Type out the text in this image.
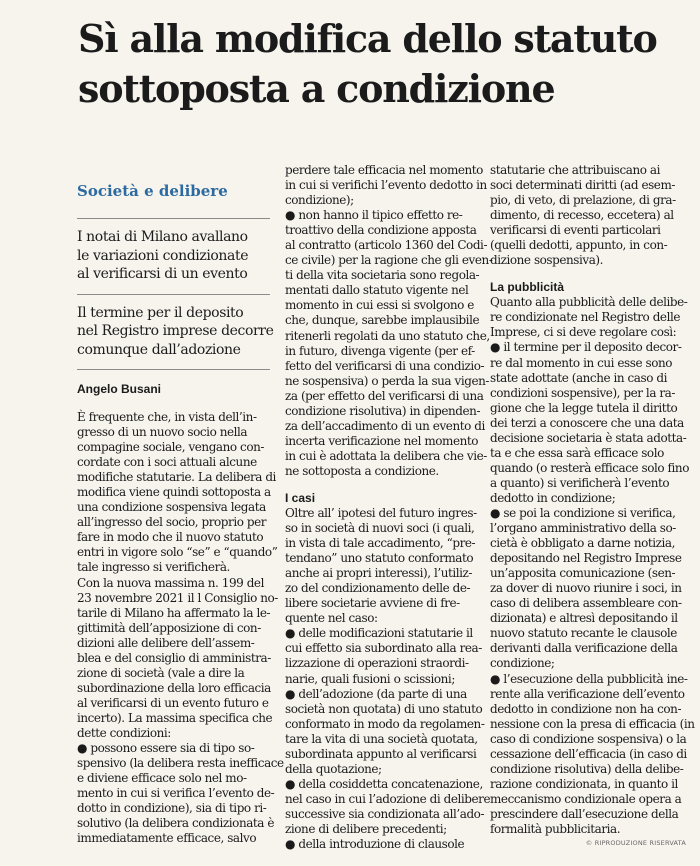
Sì alla modifica dello statuto
sottoposta a condizione
Società e delibere
I notai di Milano avallano
le variazioni condizionate
al verificarsi di un evento
Il termine per il deposito
nel Registro imprese decorre
comunque dall’adozione
Angelo Busani
È frequente che, in vista dell’in-
gresso di un nuovo socio nella
compagine sociale, vengano con-
cordate con i soci attuali alcune
modifiche statutarie. La delibera di
modifica viene quindi sottoposta a
una condizione sospensiva legata
all’ingresso del socio, proprio per
fare in modo che il nuovo statuto
entri in vigore solo “se” e “quando”
tale ingresso si verificherà.
Con la nuova massima n. 199 del
23 novembre 2021 il l Consiglio no-
tarile di Milano ha affermato la le-
gittimità dell’apposizione di con-
dizioni alle delibere dell’assem-
blea e del consiglio di amministra-
zione di società (vale a dire la
subordinazione della loro efficacia
al verificarsi di un evento futuro e
incerto). La massima specifica che
dette condizioni:
● possono essere sia di tipo so-
spensivo (la delibera resta inefficace
e diviene efficace solo nel mo-
mento in cui si verifica l’evento de-
dotto in condizione), sia di tipo ri-
solutivo (la delibera condizionata è
immediatamente efficace, salvo
perdere tale efficacia nel momento
in cui si verifichi l’evento dedotto in
condizione);
● non hanno il tipico effetto re-
troattivo della condizione apposta
al contratto (articolo 1360 del Codi-
ce civile) per la ragione che gli even-
ti della vita societaria sono regola-
mentati dallo statuto vigente nel
momento in cui essi si svolgono e
che, dunque, sarebbe implausibile
ritenerli regolati da uno statuto che,
in futuro, divenga vigente (per ef-
fetto del verificarsi di una condizio-
ne sospensiva) o perda la sua vigen-
za (per effetto del verificarsi di una
condizione risolutiva) in dipenden-
za dell’accadimento di un evento di
incerta verificazione nel momento
in cui è adottata la delibera che vie-
ne sottoposta a condizione.
I casi
Oltre all’ ipotesi del futuro ingres-
so in società di nuovi soci (i quali,
in vista di tale accadimento, “pre-
tendano” uno statuto conformato
anche ai propri interessi), l’utiliz-
zo del condizionamento delle de-
libere societarie avviene di fre-
quente nel caso:
● delle modificazioni statutarie il
cui effetto sia subordinato alla rea-
lizzazione di operazioni straordi-
narie, quali fusioni o scissioni;
● dell’adozione (da parte di una
società non quotata) di uno statuto
conformato in modo da regolamen-
tare la vita di una società quotata,
subordinata appunto al verificarsi
della quotazione;
● della cosiddetta concatenazione,
nel caso in cui l’adozione di delibere
successive sia condizionata all’ado-
zione di delibere precedenti;
● della introduzione di clausole
statutarie che attribuiscano ai
soci determinati diritti (ad esem-
pio, di veto, di prelazione, di gra-
dimento, di recesso, eccetera) al
verificarsi di eventi particolari
(quelli dedotti, appunto, in con-
dizione sospensiva).
La pubblicità
Quanto alla pubblicità delle delibe-
re condizionate nel Registro delle
Imprese, ci si deve regolare così:
● il termine per il deposito decor-
re dal momento in cui esse sono
state adottate (anche in caso di
condizioni sospensive), per la ra-
gione che la legge tutela il diritto
dei terzi a conoscere che una data
decisione societaria è stata adotta-
ta e che essa sarà efficace solo
quando (o resterà efficace solo fino
a quanto) si verificherà l’evento
dedotto in condizione;
● se poi la condizione si verifica,
l’organo amministrativo della so-
cietà è obbligato a darne notizia,
depositando nel Registro Imprese
un’apposita comunicazione (sen-
za dover di nuovo riunire i soci, in
caso di delibera assembleare con-
dizionata) e altresì depositando il
nuovo statuto recante le clausole
derivanti dalla verificazione della
condizione;
● l’esecuzione della pubblicità ine-
rente alla verificazione dell’evento
dedotto in condizione non ha con-
nessione con la presa di efficacia (in
caso di condizione sospensiva) o la
cessazione dell’efficacia (in caso di
condizione risolutiva) della delibe-
razione condizionata, in quanto il
meccanismo condizionale opera a
prescindere dall’esecuzione della
formalità pubblicitaria.
© RIPRODUZIONE RISERVATA
